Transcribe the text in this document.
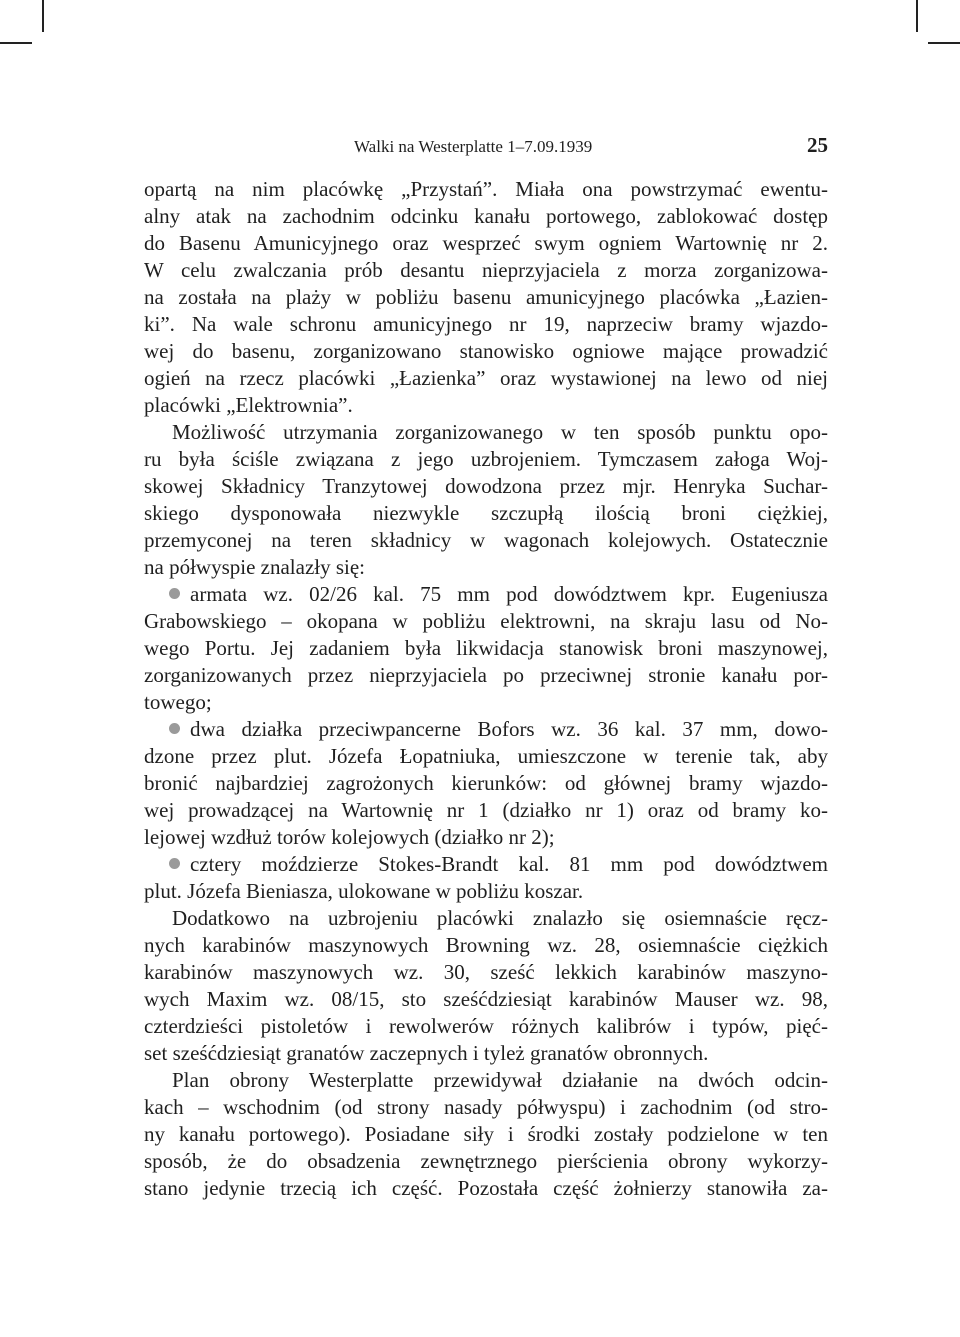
Walki na Westerplatte 1–7.09.1939	25
opartą na nim placówkę „Przystań”. Miała ona powstrzymać ewentu-
alny atak na zachodnim odcinku kanału portowego, zablokować dostęp
do Basenu Amunicyjnego oraz wesprzeć swym ogniem Wartownię nr 2.
W celu zwalczania prób desantu nieprzyjaciela z morza zorganizowa-
na została na plaży w pobliżu basenu amunicyjnego placówka „Łazien-
ki”. Na wale schronu amunicyjnego nr 19, naprzeciw bramy wjazdo-
wej do basenu, zorganizowano stanowisko ogniowe mające prowadzić
ogień na rzecz placówki „Łazienka” oraz wystawionej na lewo od niej
placówki „Elektrownia”.
Możliwość utrzymania zorganizowanego w ten sposób punktu opo-
ru była ściśle związana z jego uzbrojeniem. Tymczasem załoga Woj-
skowej Składnicy Tranzytowej dowodzona przez mjr. Henryka Suchar-
skiego dysponowała niezwykle szczupłą ilością broni ciężkiej,
przemyconej na teren składnicy w wagonach kolejowych. Ostatecznie
na półwyspie znalazły się:
armata wz. 02/26 kal. 75 mm pod dowództwem kpr. Eugeniusza
Grabowskiego – okopana w pobliżu elektrowni, na skraju lasu od No-
wego Portu. Jej zadaniem była likwidacja stanowisk broni maszynowej,
zorganizowanych przez nieprzyjaciela po przeciwnej stronie kanału por-
towego;
dwa działka przeciwpancerne Bofors wz. 36 kal. 37 mm, dowo-
dzone przez plut. Józefa Łopatniuka, umieszczone w terenie tak, aby
bronić najbardziej zagrożonych kierunków: od głównej bramy wjazdo-
wej prowadzącej na Wartownię nr 1 (działko nr 1) oraz od bramy ko-
lejowej wzdłuż torów kolejowych (działko nr 2);
cztery moździerze Stokes-Brandt kal. 81 mm pod dowództwem
plut. Józefa Bieniasza, ulokowane w pobliżu koszar.
Dodatkowo na uzbrojeniu placówki znalazło się osiemnaście ręcz-
nych karabinów maszynowych Browning wz. 28, osiemnaście ciężkich
karabinów maszynowych wz. 30, sześć lekkich karabinów maszyno-
wych Maxim wz. 08/15, sto sześćdziesiąt karabinów Mauser wz. 98,
czterdzieści pistoletów i rewolwerów różnych kalibrów i typów, pięć-
set sześćdziesiąt granatów zaczepnych i tyleż granatów obronnych.
Plan obrony Westerplatte przewidywał działanie na dwóch odcin-
kach – wschodnim (od strony nasady półwyspu) i zachodnim (od stro-
ny kanału portowego). Posiadane siły i środki zostały podzielone w ten
sposób, że do obsadzenia zewnętrznego pierścienia obrony wykorzy-
stano jedynie trzecią ich część. Pozostała część żołnierzy stanowiła za-
